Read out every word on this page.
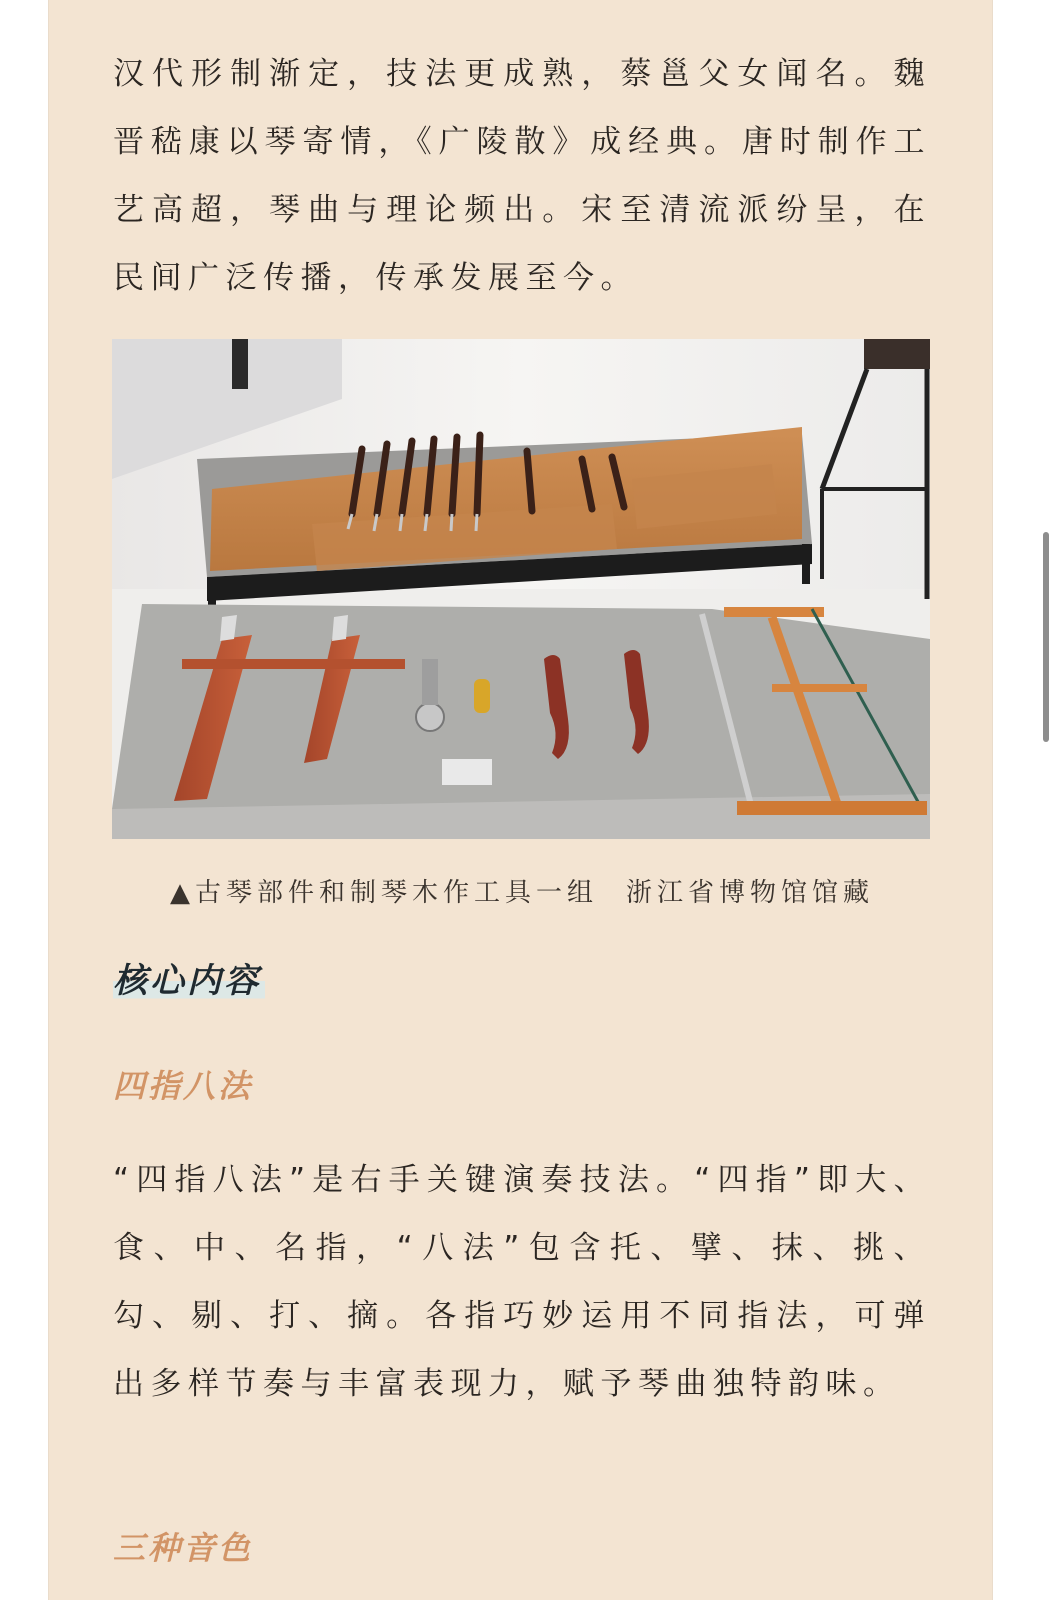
汉代形制渐定，技法更成熟，蔡邕父女闻名。魏晋嵇康以琴寄情，《广陵散》成经典。唐时制作工艺高超，琴曲与理论频出。宋至清流派纷呈，在民间广泛传播，传承发展至今。

▲古琴部件和制琴木作工具一组 浙江省博物馆馆藏

核心内容
四指八法

“四指八法”是右手关键演奏技法。“四指”即大、食、中、名指，“八法”包含托、擘、抹、挑、勾、剔、打、摘。各指巧妙运用不同指法，可弹出多样节奏与丰富表现力，赋予琴曲独特韵味。

三种音色
